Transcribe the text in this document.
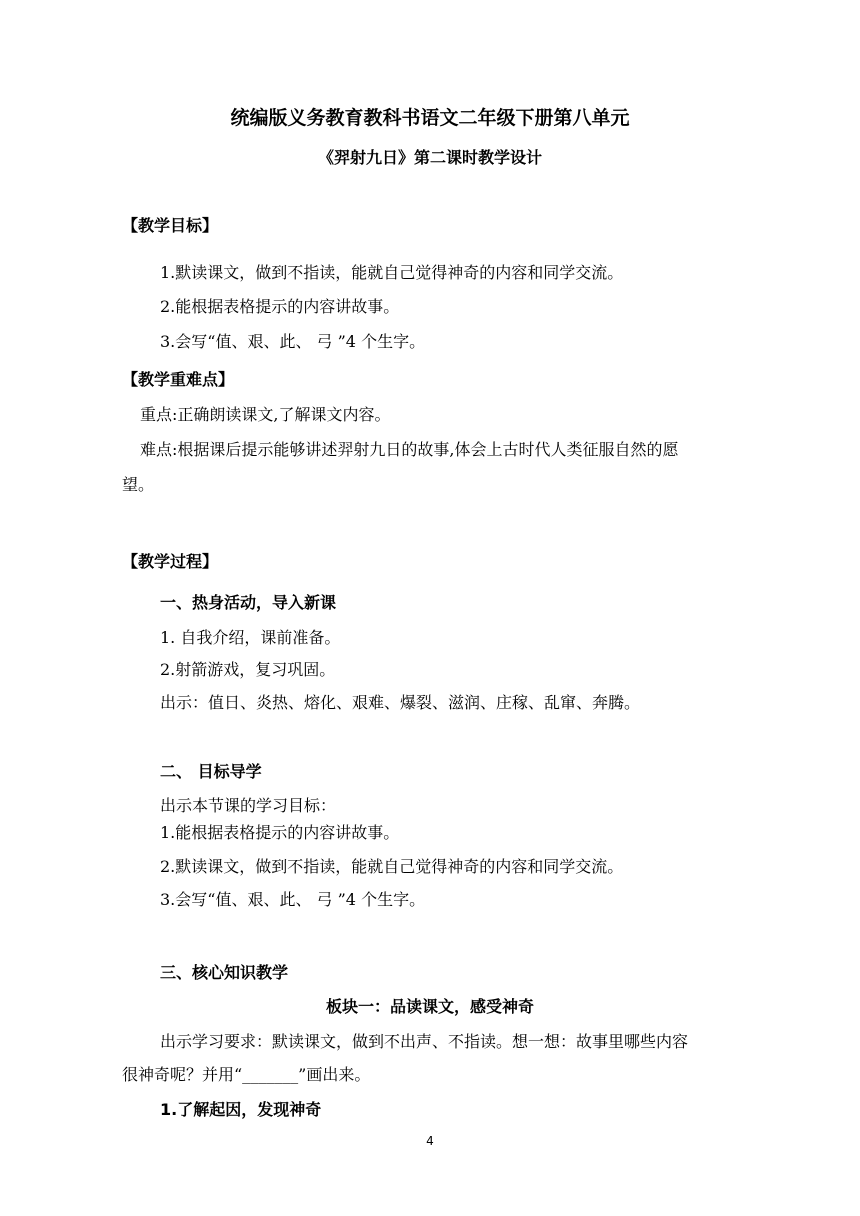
统编版义务教育教科书语文二年级下册第八单元
《羿射九日》第二课时教学设计
【教学目标】
1.默读课文，做到不指读，能就自己觉得神奇的内容和同学交流。
2.能根据表格提示的内容讲故事。
3.会写“值、艰、此、 弓 ”4 个生字。
【教学重难点】
重点:正确朗读课文,了解课文内容。
难点:根据课后提示能够讲述羿射九日的故事,体会上古时代人类征服自然的愿
望。
【教学过程】
一、热身活动，导入新课
1. 自我介绍，课前准备。
2.射箭游戏，复习巩固。
出示：值日、炎热、熔化、艰难、爆裂、滋润、庄稼、乱窜、奔腾。
二、 目标导学
出示本节课的学习目标：
1.能根据表格提示的内容讲故事。
2.默读课文，做到不指读，能就自己觉得神奇的内容和同学交流。
3.会写“值、艰、此、 弓 ”4 个生字。
三、核心知识教学
板块一：品读课文，感受神奇
出示学习要求：默读课文，做到不出声、不指读。想一想：故事里哪些内容
很神奇呢？并用“_______”画出来。
1.了解起因，发现神奇
4
